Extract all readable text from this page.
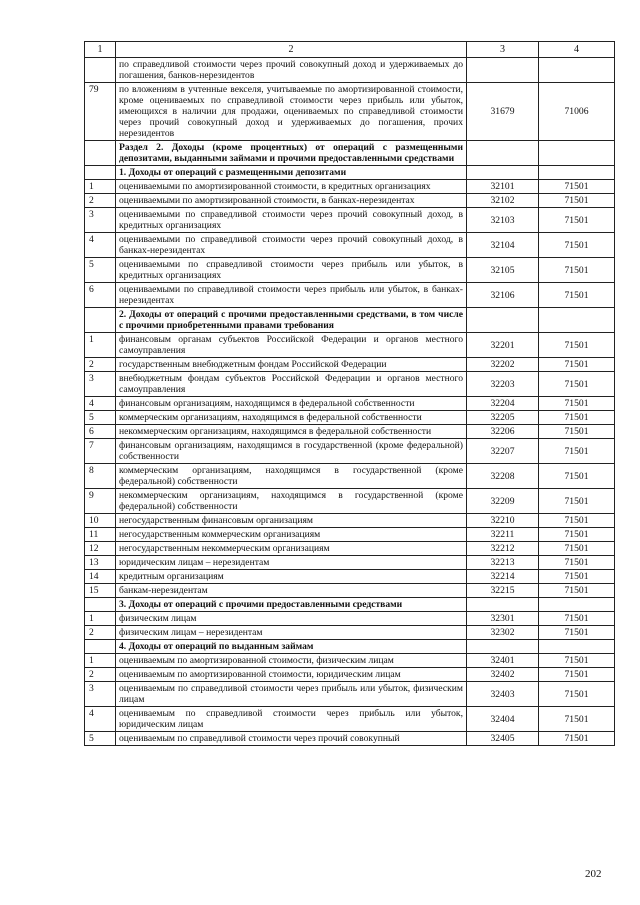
1	2	3	4
	по справедливой стоимости через прочий совокупный доход и удерживаемых до погашения, банков-нерезидентов		
79	по вложениям в учтенные векселя, учитываемые по амортизированной стоимости, кроме оцениваемых по справедливой стоимости через прибыль или убыток, имеющихся в наличии для продажи, оцениваемых по справедливой стоимости через прочий совокупный доход и удерживаемых до погашения, прочих нерезидентов	31679	71006
	Раздел 2. Доходы (кроме процентных) от операций с размещенными депозитами, выданными займами и прочими предоставленными средствами		
	1. Доходы от операций с размещенными депозитами		
1	оцениваемыми по амортизированной стоимости, в кредитных организациях	32101	71501
2	оцениваемыми по амортизированной стоимости, в банках-нерезидентах	32102	71501
3	оцениваемыми по справедливой стоимости через прочий совокупный доход, в кредитных организациях	32103	71501
4	оцениваемыми по справедливой стоимости через прочий совокупный доход, в банках-нерезидентах	32104	71501
5	оцениваемыми по справедливой стоимости через прибыль или убыток, в кредитных организациях	32105	71501
6	оцениваемыми по справедливой стоимости через прибыль или убыток, в банках-нерезидентах	32106	71501
	2. Доходы от операций с прочими предоставленными средствами, в том числе с прочими приобретенными правами требования		
1	финансовым органам субъектов Российской Федерации и органов местного самоуправления	32201	71501
2	государственным внебюджетным фондам Российской Федерации	32202	71501
3	внебюджетным фондам субъектов Российской Федерации и органов местного самоуправления	32203	71501
4	финансовым организациям, находящимся в федеральной собственности	32204	71501
5	коммерческим организациям, находящимся в федеральной собственности	32205	71501
6	некоммерческим организациям, находящимся в федеральной собственности	32206	71501
7	финансовым организациям, находящимся в государственной (кроме федеральной) собственности	32207	71501
8	коммерческим организациям, находящимся в государственной (кроме федеральной) собственности	32208	71501
9	некоммерческим организациям, находящимся в государственной (кроме федеральной) собственности	32209	71501
10	негосударственным финансовым организациям	32210	71501
11	негосударственным коммерческим организациям	32211	71501
12	негосударственным некоммерческим организациям	32212	71501
13	юридическим лицам – нерезидентам	32213	71501
14	кредитным организациям	32214	71501
15	банкам-нерезидентам	32215	71501
	3. Доходы от операций с прочими предоставленными средствами		
1	физическим лицам	32301	71501
2	физическим лицам – нерезидентам	32302	71501
	4. Доходы от операций по выданным займам		
1	оцениваемым по амортизированной стоимости, физическим лицам	32401	71501
2	оцениваемым по амортизированной стоимости, юридическим лицам	32402	71501
3	оцениваемым по справедливой стоимости через прибыль или убыток, физическим лицам	32403	71501
4	оцениваемым по справедливой стоимости через прибыль или убыток, юридическим лицам	32404	71501
5	оцениваемым по справедливой стоимости через прочий совокупный	32405	71501
202
